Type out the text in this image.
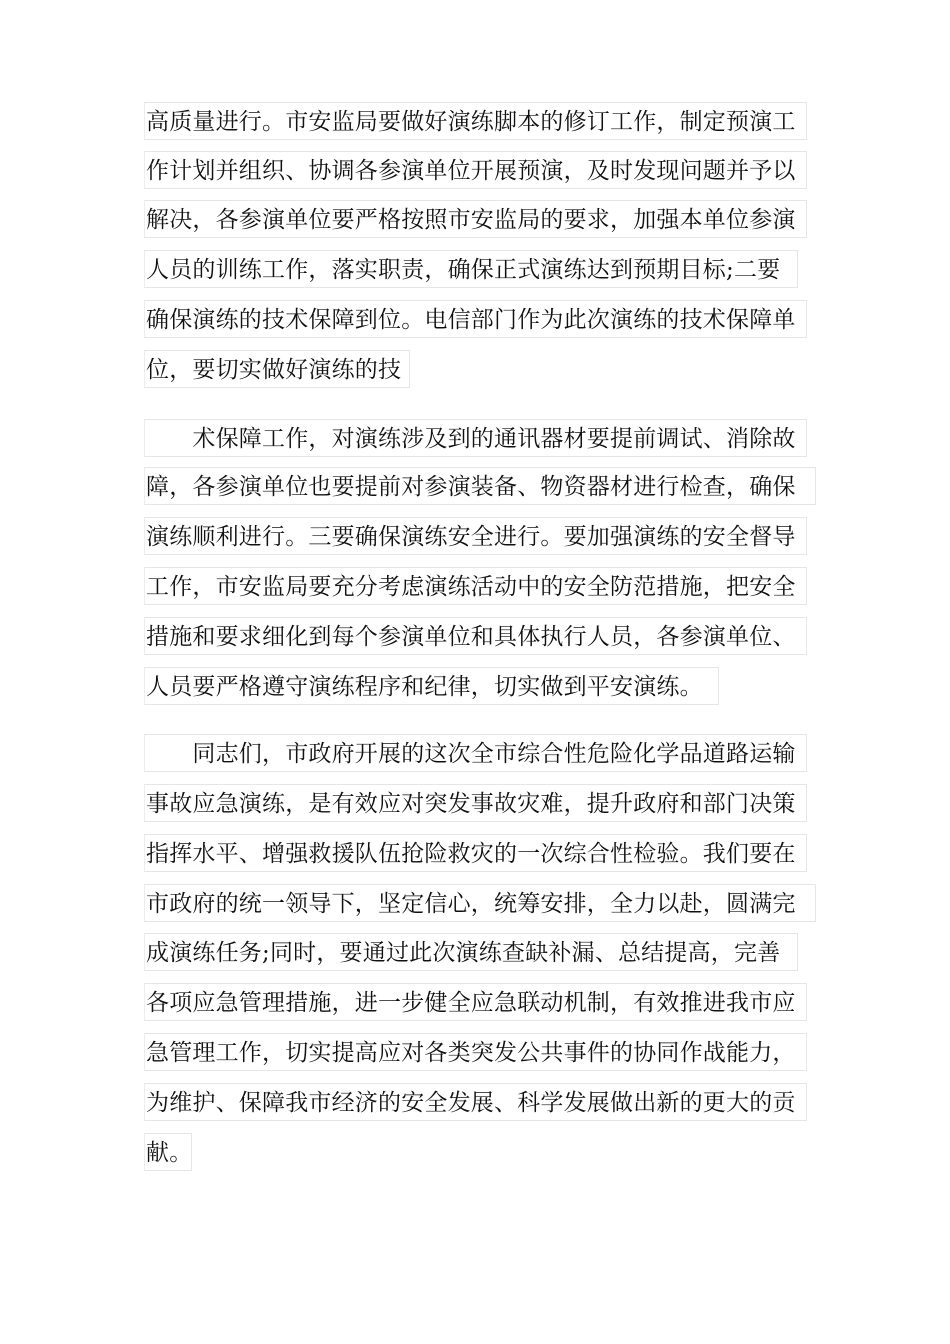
高质量进行。市安监局要做好演练脚本的修订工作，制定预演工
作计划并组织、协调各参演单位开展预演，及时发现问题并予以
解决，各参演单位要严格按照市安监局的要求，加强本单位参演
人员的训练工作，落实职责，确保正式演练达到预期目标;二要
确保演练的技术保障到位。电信部门作为此次演练的技术保障单
位，要切实做好演练的技
　　术保障工作，对演练涉及到的通讯器材要提前调试、消除故
障，各参演单位也要提前对参演装备、物资器材进行检查，确保
演练顺利进行。三要确保演练安全进行。要加强演练的安全督导
工作，市安监局要充分考虑演练活动中的安全防范措施，把安全
措施和要求细化到每个参演单位和具体执行人员，各参演单位、
人员要严格遵守演练程序和纪律，切实做到平安演练。
　　同志们，市政府开展的这次全市综合性危险化学品道路运输
事故应急演练，是有效应对突发事故灾难，提升政府和部门决策
指挥水平、增强救援队伍抢险救灾的一次综合性检验。我们要在
市政府的统一领导下，坚定信心，统筹安排，全力以赴，圆满完
成演练任务;同时，要通过此次演练查缺补漏、总结提高，完善
各项应急管理措施，进一步健全应急联动机制，有效推进我市应
急管理工作，切实提高应对各类突发公共事件的协同作战能力，
为维护、保障我市经济的安全发展、科学发展做出新的更大的贡
献。
